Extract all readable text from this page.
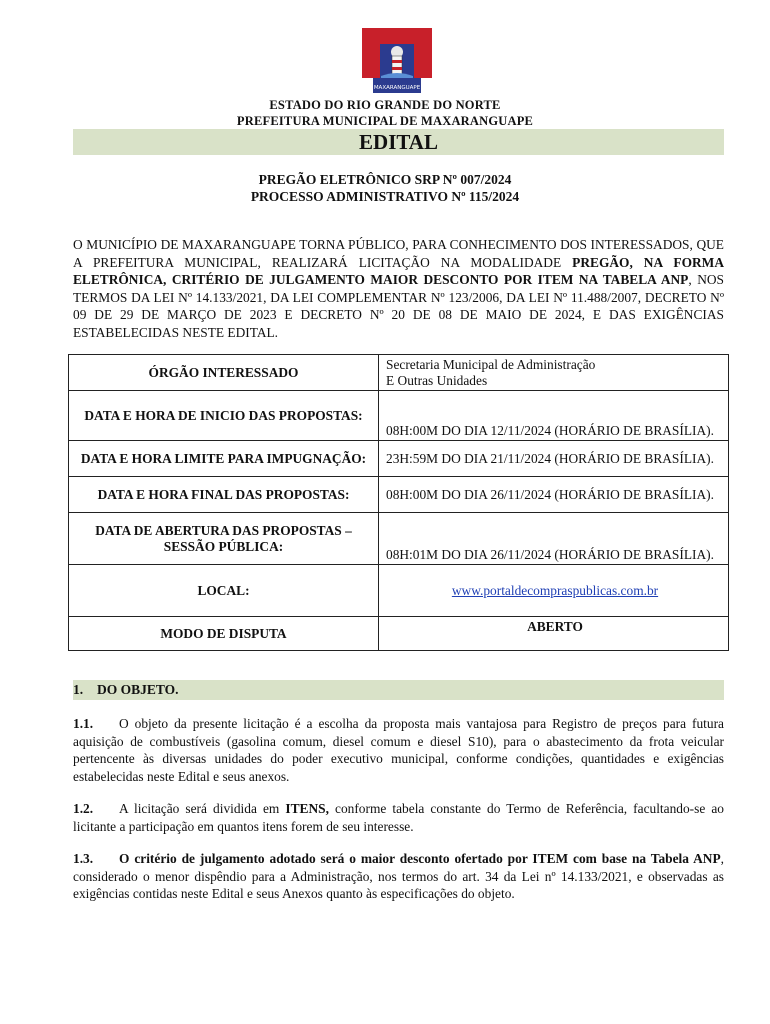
MAXARANGUAPE
ESTADO DO RIO GRANDE DO NORTE
PREFEITURA MUNICIPAL DE MAXARANGUAPE
EDITAL
PREGÃO ELETRÔNICO SRP Nº 007/2024
PROCESSO ADMINISTRATIVO Nº 115/2024
O MUNICÍPIO DE MAXARANGUAPE TORNA PÚBLICO, PARA CONHECIMENTO DOS INTERESSADOS, QUE A PREFEITURA MUNICIPAL, REALIZARÁ LICITAÇÃO NA MODALIDADE PREGÃO, NA FORMA ELETRÔNICA, CRITÉRIO DE JULGAMENTO MAIOR DESCONTO POR ITEM NA TABELA ANP, NOS TERMOS DA LEI Nº 14.133/2021, DA LEI COMPLEMENTAR Nº 123/2006, DA LEI Nº 11.488/2007, DECRETO Nº 09 DE 29 DE MARÇO DE 2023 E DECRETO Nº 20 DE 08 DE MAIO DE 2024, E DAS EXIGÊNCIAS ESTABELECIDAS NESTE EDITAL.
ÓRGÃO INTERESSADO	Secretaria Municipal de Administração
E Outras Unidades

DATA E HORA DE INICIO DAS PROPOSTAS:	08H:00M DO DIA 12/11/2024 (HORÁRIO DE BRASÍLIA).
DATA E HORA LIMITE PARA IMPUGNAÇÃO:	23H:59M DO DIA 21/11/2024 (HORÁRIO DE BRASÍLIA).
DATA E HORA FINAL DAS PROPOSTAS:	08H:00M DO DIA 26/11/2024 (HORÁRIO DE BRASÍLIA).
DATA DE ABERTURA DAS PROPOSTAS – SESSÃO PÚBLICA:	08H:01M DO DIA 26/11/2024 (HORÁRIO DE BRASÍLIA).
LOCAL:	www.portaldecompraspublicas.com.br
MODO DE DISPUTA	ABERTO
1. DO OBJETO.
1.1. O objeto da presente licitação é a escolha da proposta mais vantajosa para Registro de preços para futura aquisição de combustíveis (gasolina comum, diesel comum e diesel S10), para o abastecimento da frota veicular pertencente às diversas unidades do poder executivo municipal, conforme condições, quantidades e exigências estabelecidas neste Edital e seus anexos.
1.2. A licitação será dividida em ITENS, conforme tabela constante do Termo de Referência, facultando-se ao licitante a participação em quantos itens forem de seu interesse.
1.3. O critério de julgamento adotado será o maior desconto ofertado por ITEM com base na Tabela ANP, considerado o menor dispêndio para a Administração, nos termos do art. 34 da Lei nº 14.133/2021, e observadas as exigências contidas neste Edital e seus Anexos quanto às especificações do objeto.
